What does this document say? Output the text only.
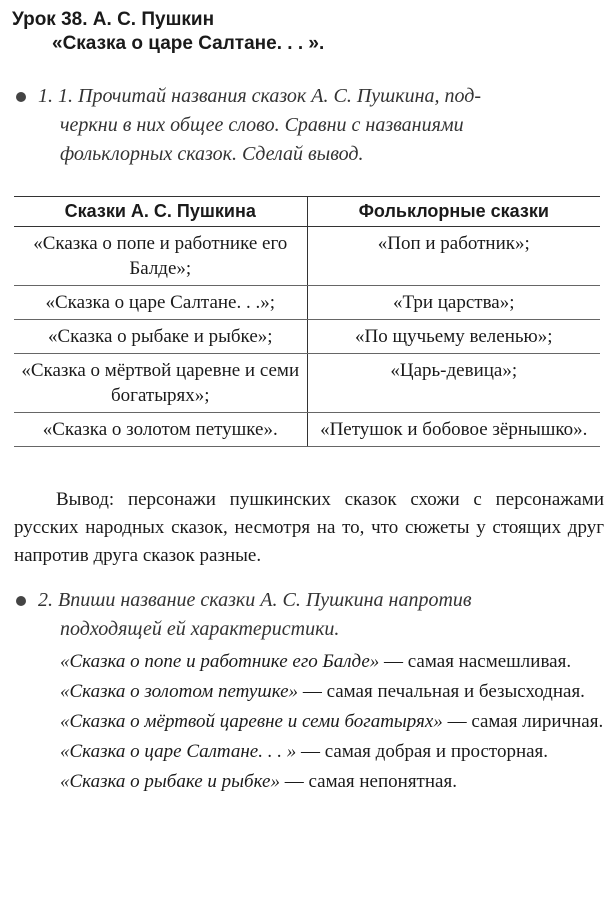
Урок 38. А. С. Пушкин
«Сказка о царе Салтане. . . ».
1. 1. Прочитай названия сказок А. С. Пушкина, под-
черкни в них общее слово. Сравни с названиями
фольклорных сказок. Сделай вывод.
Сказки А. С. Пушкина	Фольклорные сказки
«Сказка о попе и работнике его Балде»;	«Поп и работник»;
«Сказка о царе Салтане. . .»;	«Три царства»;
«Сказка о рыбаке и рыбке»;	«По щучьему веленью»;
«Сказка о мёртвой царевне и семи богатырях»;	«Царь-девица»;
«Сказка о золотом петушке».	«Петушок и бобовое зёрнышко».
Вывод: персонажи пушкинских сказок схожи с персонажами русских народных сказок, несмотря на то, что сюжеты у стоящих друг напротив друга сказок разные.
2. Впиши название сказки А. С. Пушкина напротив
подходящей ей характеристики.

«Сказка о попе и работнике его Балде» — самая насмешливая.

«Сказка о золотом петушке» — самая печальная и безысходная.

«Сказка о мёртвой царевне и семи богатырях» — самая лиричная.

«Сказка о царе Салтане. . . » — самая добрая и просторная.

«Сказка о рыбаке и рыбке» — самая непонятная.
